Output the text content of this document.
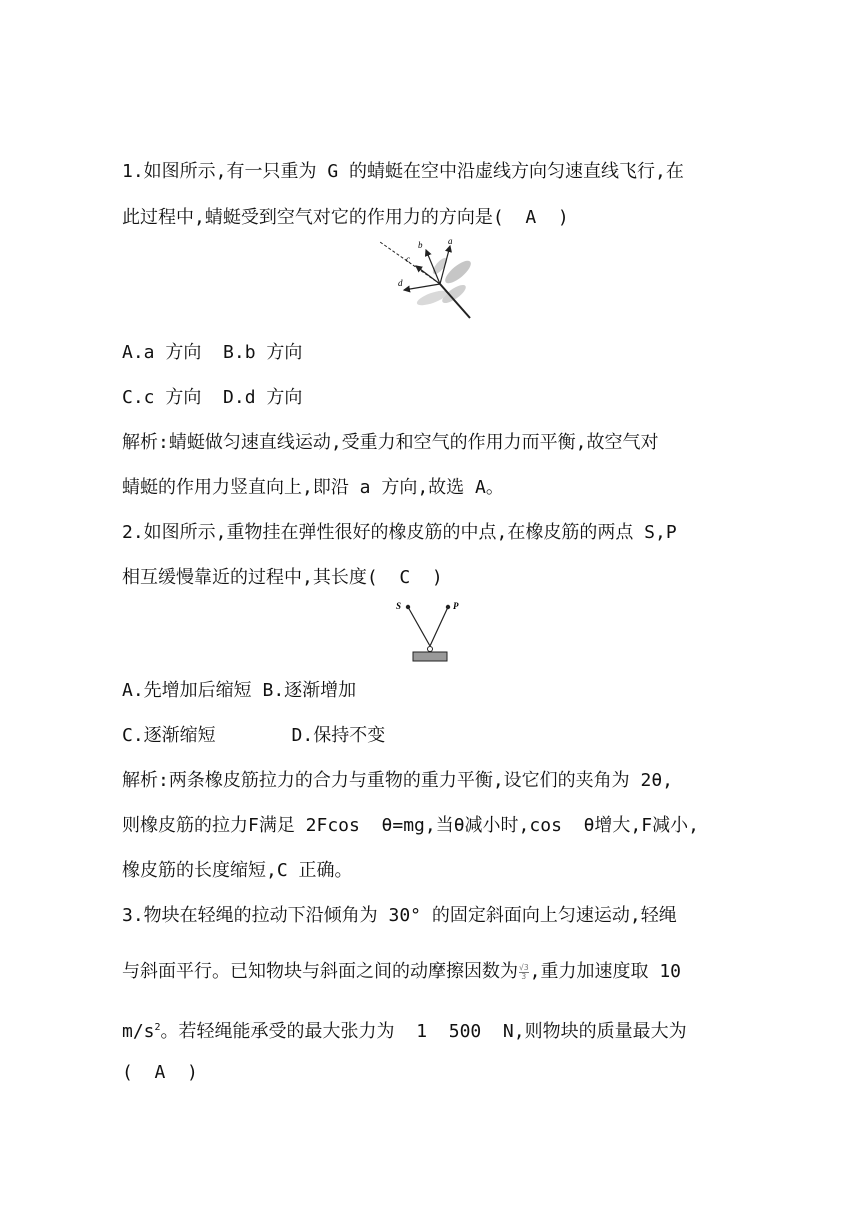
1.如图所示,有一只重为 G 的蜻蜓在空中沿虚线方向匀速直线飞行,在
此过程中,蜻蜓受到空气对它的作用力的方向是(  A  )
a
b
c
d
A.a 方向  B.b 方向
C.c 方向  D.d 方向
解析:蜻蜓做匀速直线运动,受重力和空气的作用力而平衡,故空气对
蜻蜓的作用力竖直向上,即沿 a 方向,故选 A。
2.如图所示,重物挂在弹性很好的橡皮筋的中点,在橡皮筋的两点 S,P
相互缓慢靠近的过程中,其长度(  C  )
S	P
A.先增加后缩短 B.逐渐增加
C.逐渐缩短       D.保持不变
解析:两条橡皮筋拉力的合力与重物的重力平衡,设它们的夹角为 2θ,
则橡皮筋的拉力F满足 2Fcos  θ=mg,当θ减小时,cos  θ增大,F减小,
橡皮筋的长度缩短,C 正确。
3.物块在轻绳的拉动下沿倾角为 30° 的固定斜面向上匀速运动,轻绳
与斜面平行。已知物块与斜面之间的动摩擦因数为 $\frac{√3}{3}$ ,重力加速度取 10
$m/s^2$。若轻绳能承受的最大张力为  1  500  N,则物块的质量最大为
(  A  )
